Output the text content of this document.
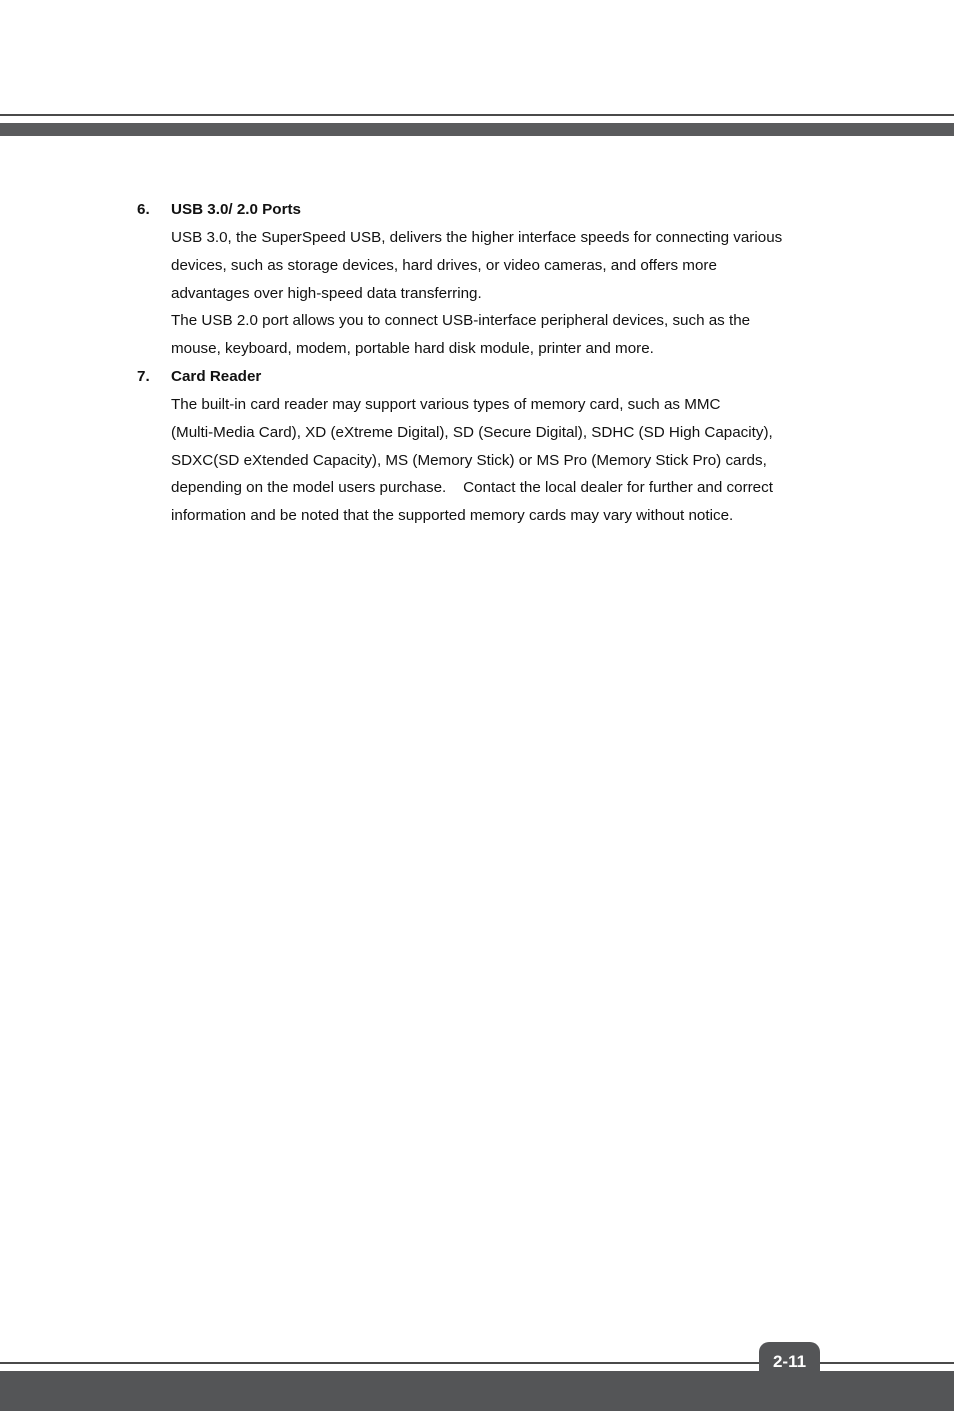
6. USB 3.0/ 2.0 Ports

USB 3.0, the SuperSpeed USB, delivers the higher interface speeds for connecting various

devices, such as storage devices, hard drives, or video cameras, and offers more

advantages over high-speed data transferring.

The USB 2.0 port allows you to connect USB-interface peripheral devices, such as the

mouse, keyboard, modem, portable hard disk module, printer and more.

7. Card Reader

The built-in card reader may support various types of memory card, such as MMC

(Multi-Media Card), XD (eXtreme Digital), SD (Secure Digital), SDHC (SD High Capacity),

SDXC(SD eXtended Capacity), MS (Memory Stick) or MS Pro (Memory Stick Pro) cards,

depending on the model users purchase.    Contact the local dealer for further and correct

information and be noted that the supported memory cards may vary without notice.

2-11
